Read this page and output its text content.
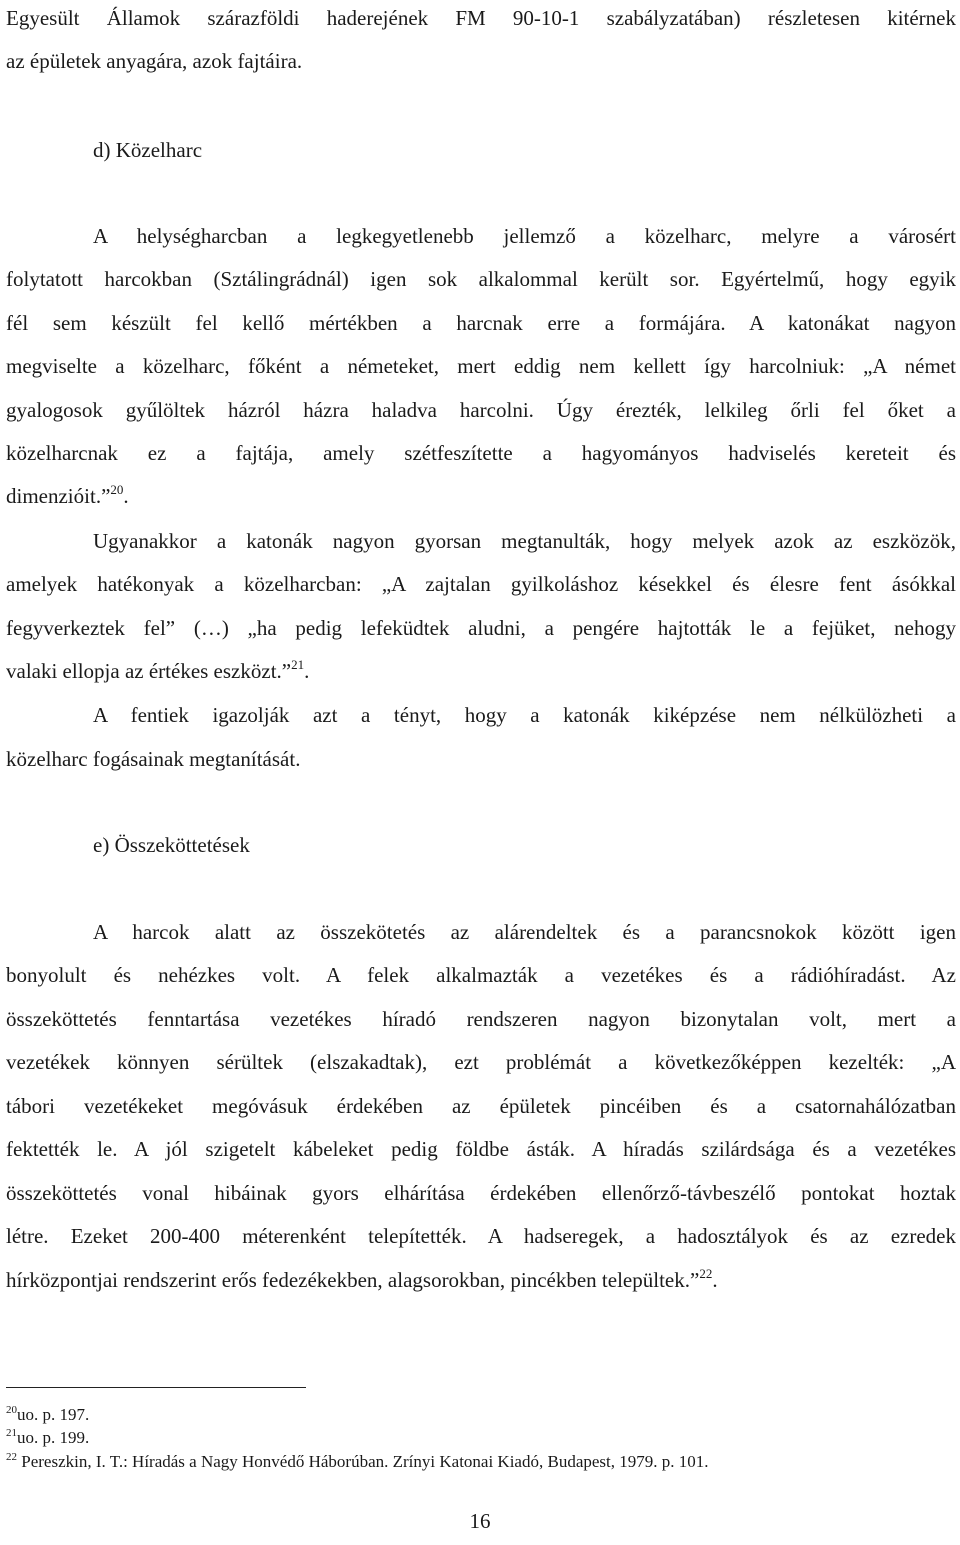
Egyesült Államok szárazföldi haderejének FM 90-10-1 szabályzatában) részletesen kitérnek
az épületek anyagára, azok fajtáira.
d) Közelharc
A helységharcban a legkegyetlenebb jellemző a közelharc, melyre a városért
folytatott harcokban (Sztálingrádnál) igen sok alkalommal került sor. Egyértelmű, hogy egyik
fél sem készült fel kellő mértékben a harcnak erre a formájára. A katonákat nagyon
megviselte a közelharc, főként a németeket, mert eddig nem kellett így harcolniuk: „A német
gyalogosok gyűlöltek házról házra haladva harcolni. Úgy érezték, lelkileg őrli fel őket a
közelharcnak ez a fajtája, amely szétfeszítette a hagyományos hadviselés kereteit és
dimenzióit.”$^{20}$.
Ugyanakkor a katonák nagyon gyorsan megtanulták, hogy melyek azok az eszközök,
amelyek hatékonyak a közelharcban: „A zajtalan gyilkoláshoz késekkel és élesre fent ásókkal
fegyverkeztek fel” (…) „ha pedig lefeküdtek aludni, a pengére hajtották le a fejüket, nehogy
valaki ellopja az értékes eszközt.”$^{21}$.
A fentiek igazolják azt a tényt, hogy a katonák kiképzése nem nélkülözheti a
közelharc fogásainak megtanítását.
e) Összeköttetések
A harcok alatt az összekötetés az alárendeltek és a parancsnokok között igen
bonyolult és nehézkes volt. A felek alkalmazták a vezetékes és a rádióhíradást. Az
összeköttetés fenntartása vezetékes híradó rendszeren nagyon bizonytalan volt, mert a
vezetékek könnyen sérültek (elszakadtak), ezt problémát a következőképpen kezelték: „A
tábori vezetékeket megóvásuk érdekében az épületek pincéiben és a csatornahálózatban
fektették le. A jól szigetelt kábeleket pedig földbe ásták. A híradás szilárdsága és a vezetékes
összeköttetés vonal hibáinak gyors elhárítása érdekében ellenőrző-távbeszélő pontokat hoztak
létre. Ezeket 200-400 méterenként telepítették. A hadseregek, a hadosztályok és az ezredek
hírközpontjai rendszerint erős fedezékekben, alagsorokban, pincékben települtek.”$^{22}$.
$^{20}$uo. p. 197.
$^{21}$uo. p. 199.
$^{22}$ Pereszkin, I. T.: Híradás a Nagy Honvédő Háborúban. Zrínyi Katonai Kiadó, Budapest, 1979. p. 101.
16
